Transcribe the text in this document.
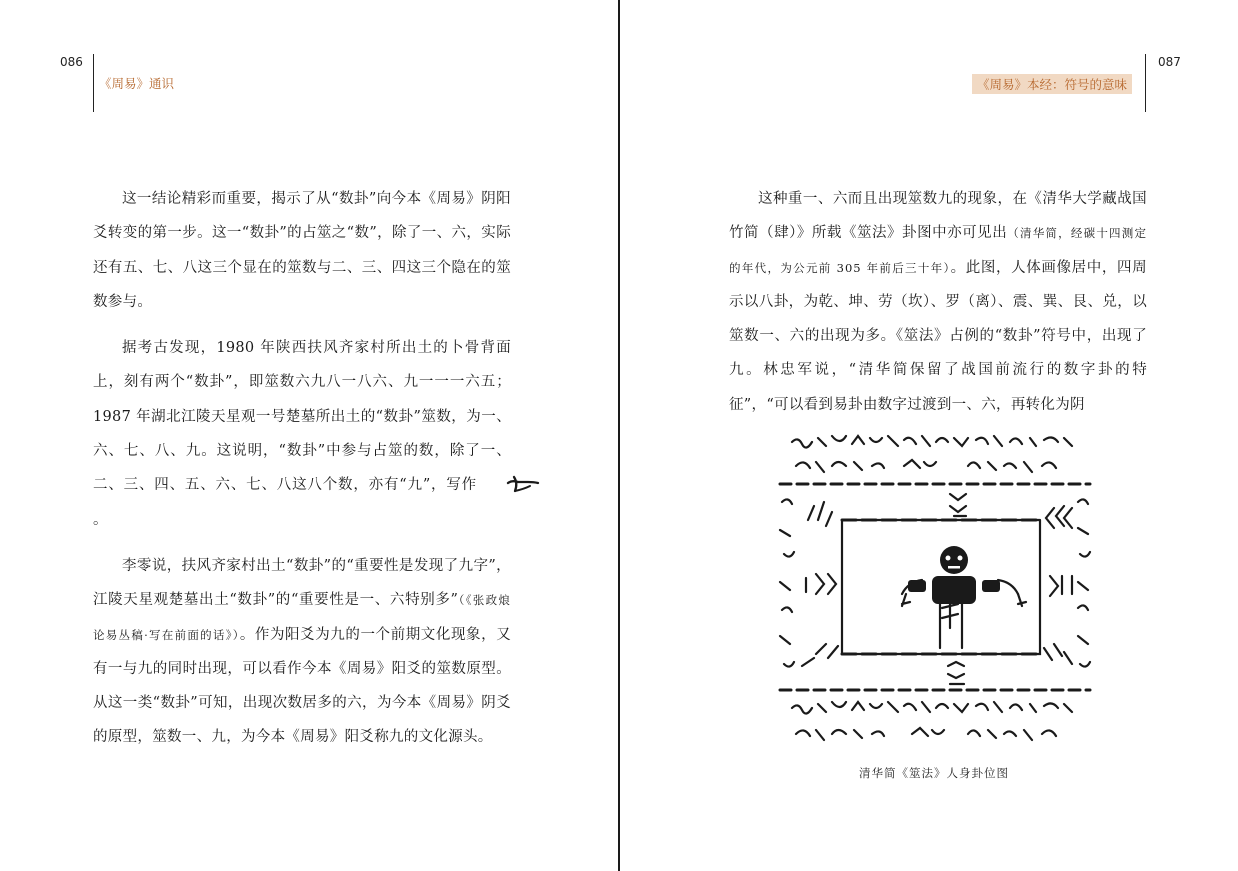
086
《周易》通识

这一结论精彩而重要，揭示了从“数卦”向今本《周易》阴阳爻转变的第一步。这一“数卦”的占筮之“数”，除了一、六，实际还有五、七、八这三个显在的筮数与二、三、四这三个隐在的筮数参与。

据考古发现，1980 年陕西扶风齐家村所出土的卜骨背面上，刻有两个“数卦”，即筮数六九八一八六、九一一一六五；1987 年湖北江陵天星观一号楚墓所出土的“数卦”筮数，为一、六、七、八、九。这说明，“数卦”中参与占筮的数，除了一、二、三、四、五、六、七、八这八个数，亦有“九”，写作。

李零说，扶风齐家村出土“数卦”的“重要性是发现了九字”，江陵天星观楚墓出土“数卦”的“重要性是一、六特别多”（《张政烺论易丛稿·写在前面的话》）。作为阳爻为九的一个前期文化现象，又有一与九的同时出现，可以看作今本《周易》阳爻的筮数原型。从这一类“数卦”可知，出现次数居多的六，为今本《周易》阴爻的原型，筮数一、九，为今本《周易》阳爻称九的文化源头。

《周易》本经：符号的意味
087

这种重一、六而且出现筮数九的现象，在《清华大学藏战国竹简（肆）》所载《筮法》卦图中亦可见出（清华简，经碳十四测定的年代，为公元前 305 年前后三十年）。此图，人体画像居中，四周示以八卦，为乾、坤、劳（坎）、罗（离）、震、巽、艮、兑，以筮数一、六的出现为多。《筮法》占例的“数卦”符号中，出现了九。林忠军说，“清华简保留了战国前流行的数字卦的特征”，“可以看到易卦由数字过渡到一、六，再转化为阴

清华简《筮法》人身卦位图
